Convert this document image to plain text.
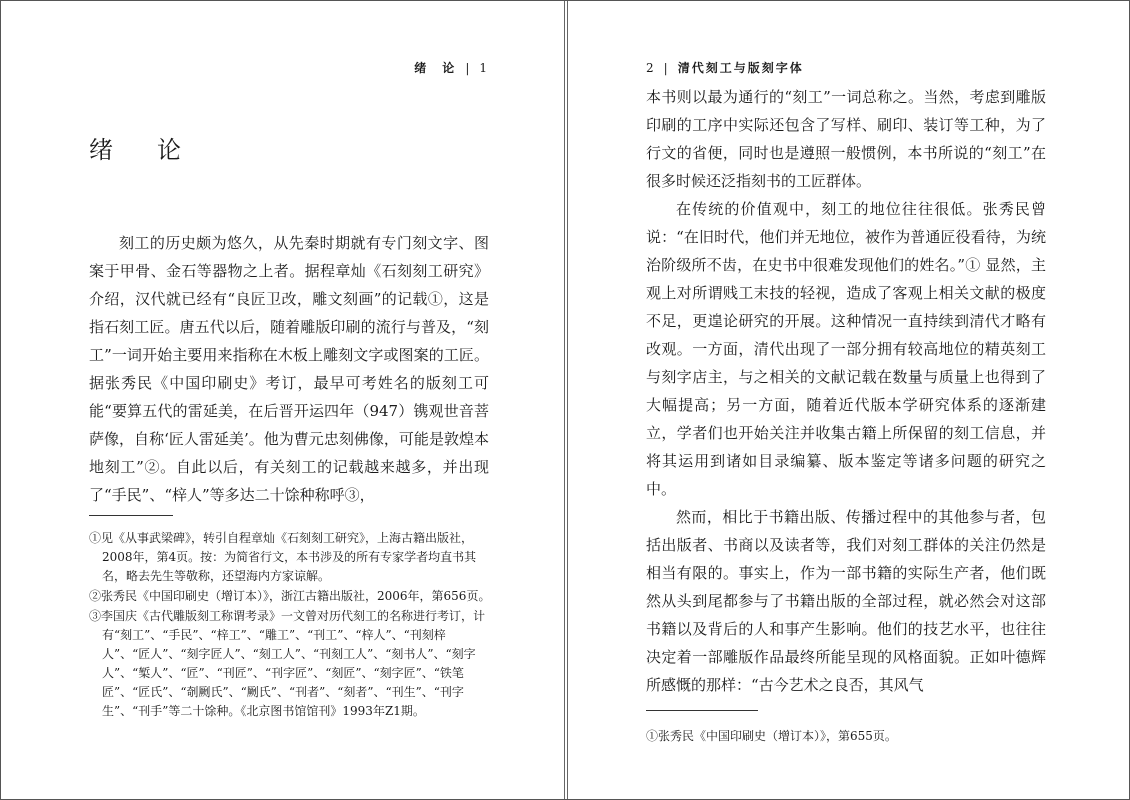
绪　论 | 1
绪　论

刻工的历史颇为悠久，从先秦时期就有专门刻文字、图案于甲骨、金石等器物之上者。据程章灿《石刻刻工研究》介绍，汉代就已经有“良匠卫改，雕文刻画”的记载①，这是指石刻工匠。唐五代以后，随着雕版印刷的流行与普及，“刻工”一词开始主要用来指称在木板上雕刻文字或图案的工匠。据张秀民《中国印刷史》考订，最早可考姓名的版刻工可能“要算五代的雷延美，在后晋开运四年（947）镌观世音菩萨像，自称‘匠人雷延美’。他为曹元忠刻佛像，可能是敦煌本地刻工”②。自此以后，有关刻工的记载越来越多，并出现了“手民”、“梓人”等多达二十馀种称呼③，

①见《从事武梁碑》，转引自程章灿《石刻刻工研究》，上海古籍出版社，2008年，第4页。按：为简省行文，本书涉及的所有专家学者均直书其名，略去先生等敬称，还望海内方家谅解。

②张秀民《中国印刷史（增订本）》，浙江古籍出版社，2006年，第656页。

③李国庆《古代雕版刻工称谓考录》一文曾对历代刻工的名称进行考订，计有“刻工”、“手民”、“梓工”、“雕工”、“刊工”、“梓人”、“刊刻梓人”、“匠人”、“刻字匠人”、“刻工人”、“刊刻工人”、“刻书人”、“刻字人”、“椠人”、“匠”、“刊匠”、“刊字匠”、“刻匠”、“刻字匠”、“铁笔匠”、“匠氏”、“剞劂氏”、“劂氏”、“刊者”、“刻者”、“刊生”、“刊字生”、“刊手”等二十馀种。《北京图书馆馆刊》1993年Z1期。

2 | 清代刻工与版刻字体

本书则以最为通行的“刻工”一词总称之。当然，考虑到雕版印刷的工序中实际还包含了写样、刷印、装订等工种，为了行文的省便，同时也是遵照一般惯例，本书所说的“刻工”在很多时候还泛指刻书的工匠群体。

在传统的价值观中，刻工的地位往往很低。张秀民曾说：“在旧时代，他们并无地位，被作为普通匠役看待，为统治阶级所不齿，在史书中很难发现他们的姓名。”① 显然，主观上对所谓贱工末技的轻视，造成了客观上相关文献的极度不足，更遑论研究的开展。这种情况一直持续到清代才略有改观。一方面，清代出现了一部分拥有较高地位的精英刻工与刻字店主，与之相关的文献记载在数量与质量上也得到了大幅提高；另一方面，随着近代版本学研究体系的逐渐建立，学者们也开始关注并收集古籍上所保留的刻工信息，并将其运用到诸如目录编纂、版本鉴定等诸多问题的研究之中。

然而，相比于书籍出版、传播过程中的其他参与者，包括出版者、书商以及读者等，我们对刻工群体的关注仍然是相当有限的。事实上，作为一部书籍的实际生产者，他们既然从头到尾都参与了书籍出版的全部过程，就必然会对这部书籍以及背后的人和事产生影响。他们的技艺水平，也往往决定着一部雕版作品最终所能呈现的风格面貌。正如叶德辉所感慨的那样：“古今艺术之良否，其风气

①张秀民《中国印刷史（增订本）》，第655页。
